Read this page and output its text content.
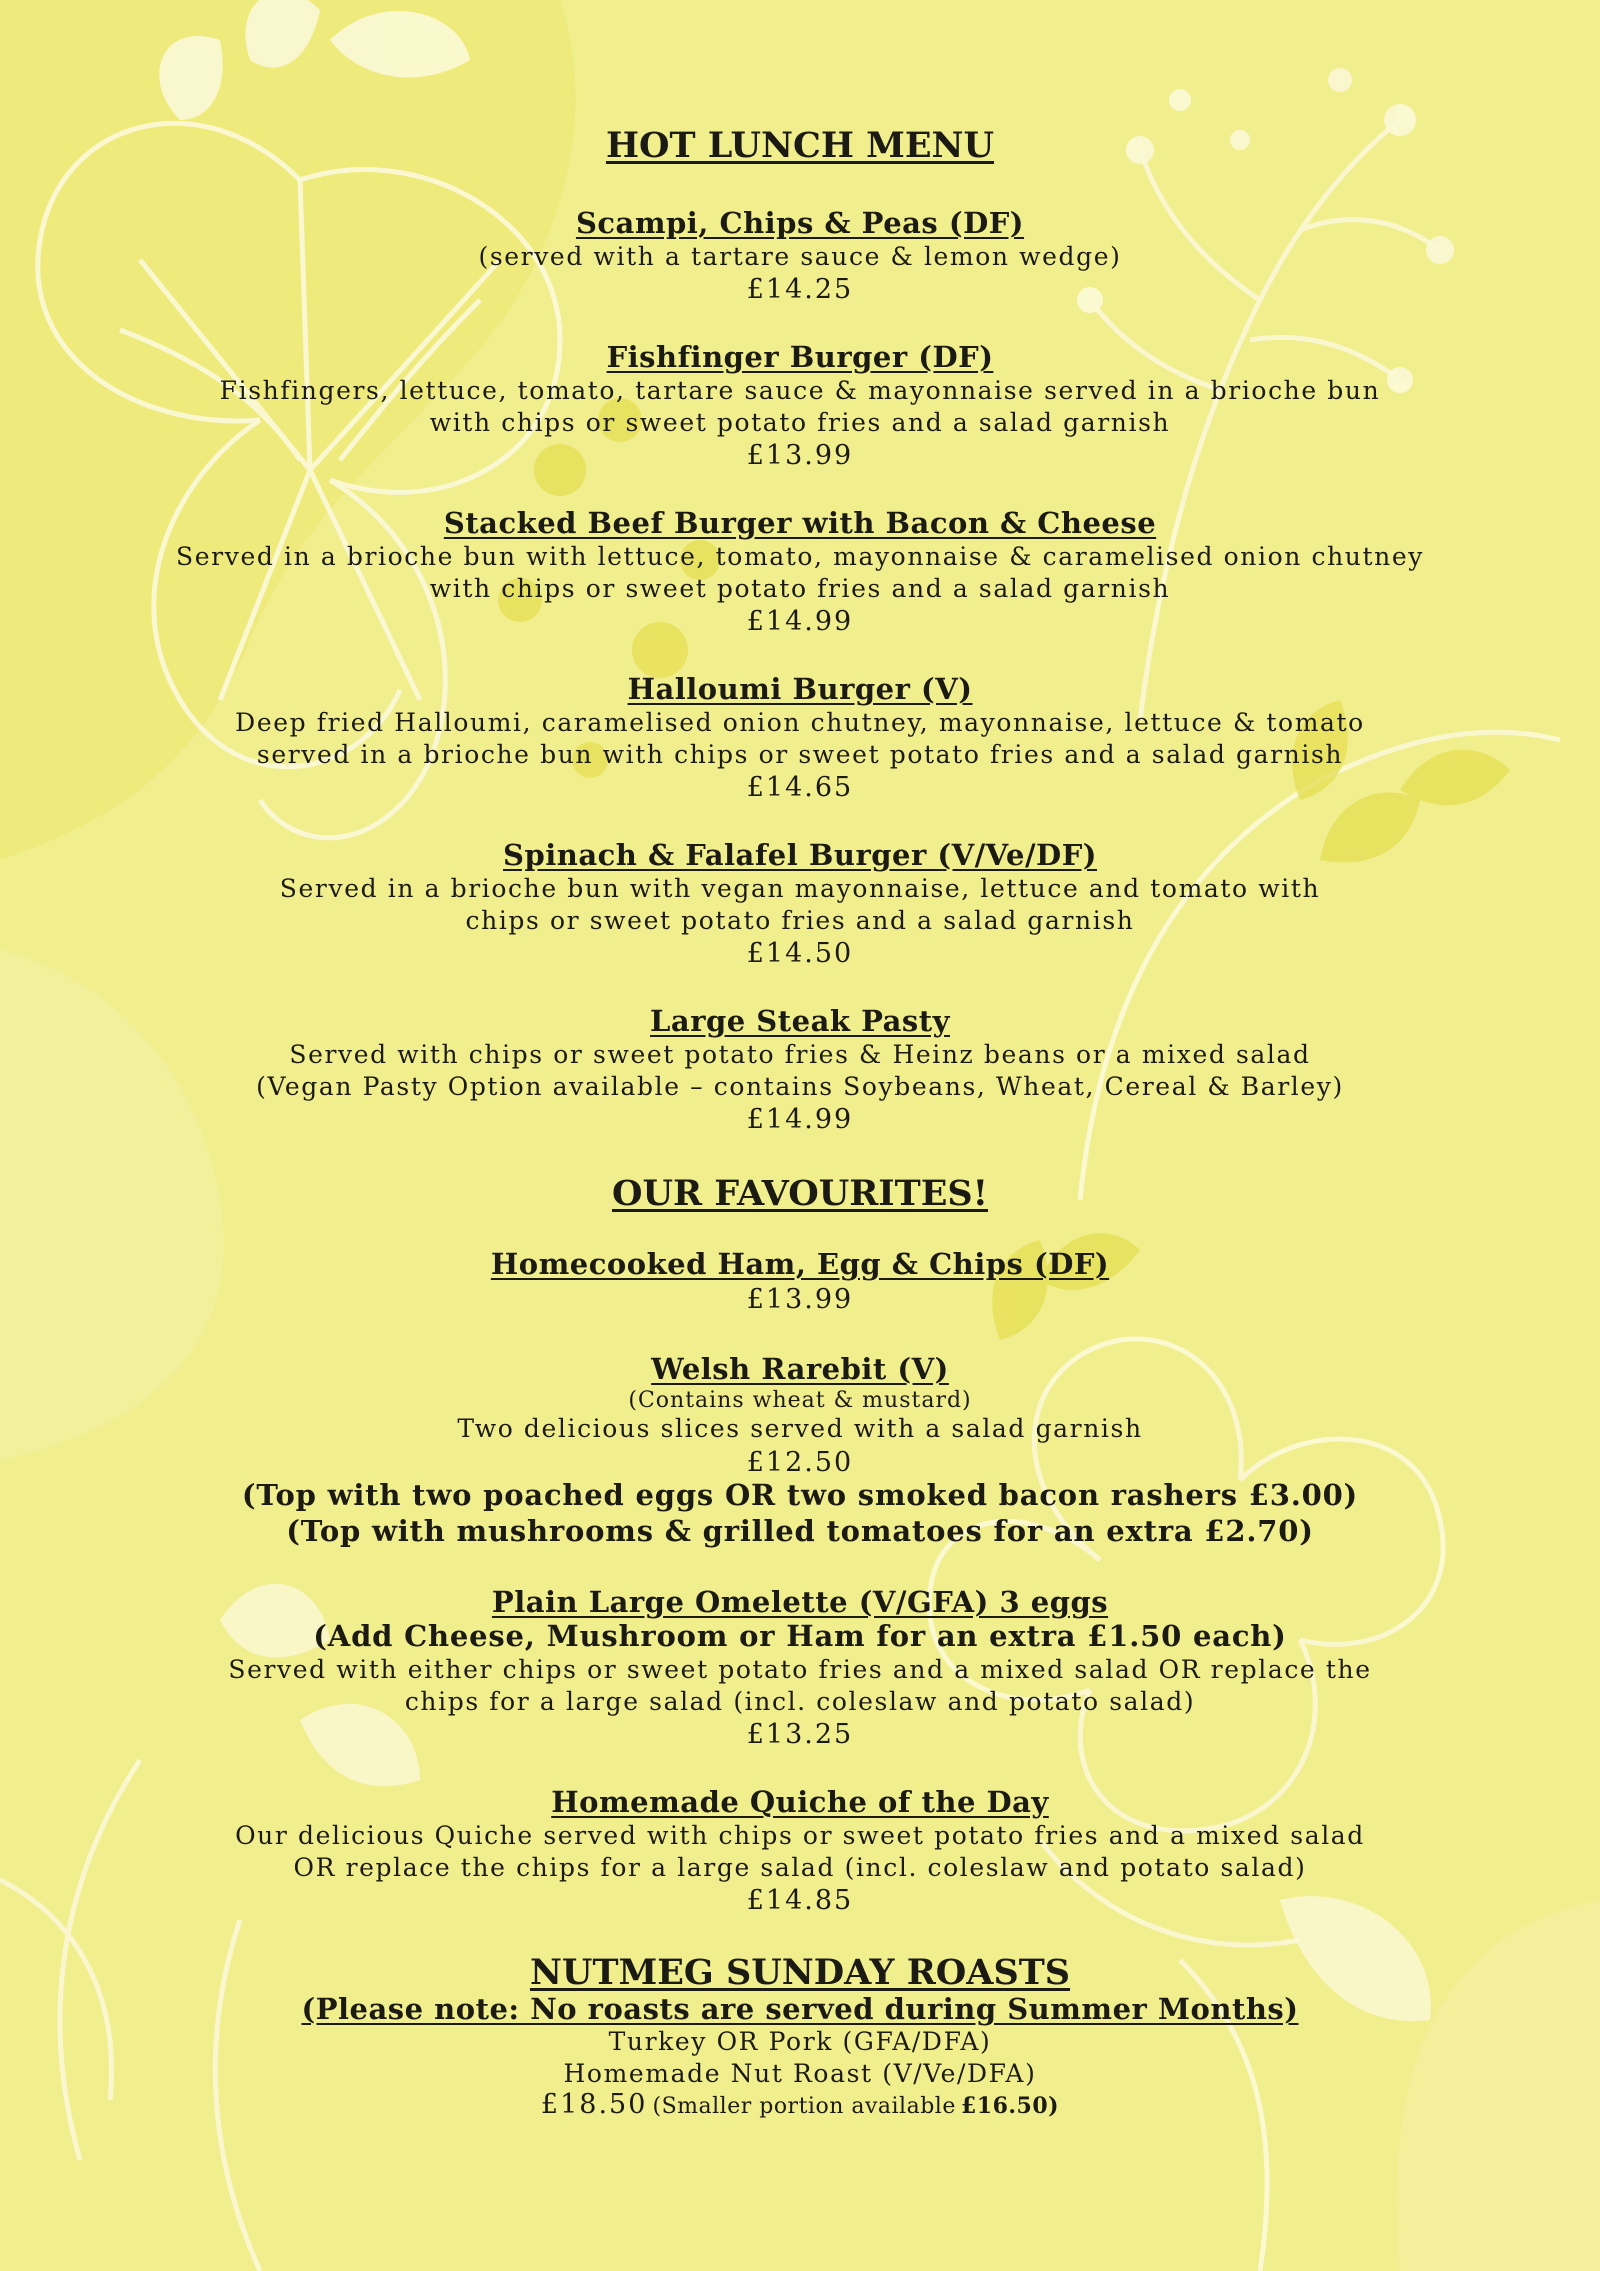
HOT LUNCH MENU
Scampi, Chips & Peas (DF)
(served with a tartare sauce & lemon wedge)
£14.25
Fishfinger Burger (DF)
Fishfingers, lettuce, tomato, tartare sauce & mayonnaise served in a brioche bun
with chips or sweet potato fries and a salad garnish
£13.99
Stacked Beef Burger with Bacon & Cheese
Served in a brioche bun with lettuce, tomato, mayonnaise & caramelised onion chutney
with chips or sweet potato fries and a salad garnish
£14.99
Halloumi Burger (V)
Deep fried Halloumi, caramelised onion chutney, mayonnaise, lettuce & tomato
served in a brioche bun with chips or sweet potato fries and a salad garnish
£14.65
Spinach & Falafel Burger (V/Ve/DF)
Served in a brioche bun with vegan mayonnaise, lettuce and tomato with
chips or sweet potato fries and a salad garnish
£14.50
Large Steak Pasty
Served with chips or sweet potato fries & Heinz beans or a mixed salad
(Vegan Pasty Option available – contains Soybeans, Wheat, Cereal & Barley)
£14.99
OUR FAVOURITES!
Homecooked Ham, Egg & Chips (DF)
£13.99
Welsh Rarebit (V)
(Contains wheat & mustard)
Two delicious slices served with a salad garnish
£12.50
(Top with two poached eggs OR two smoked bacon rashers £3.00)
(Top with mushrooms & grilled tomatoes for an extra £2.70)
Plain Large Omelette (V/GFA) 3 eggs
(Add Cheese, Mushroom or Ham for an extra £1.50 each)
Served with either chips or sweet potato fries and a mixed salad OR replace the
chips for a large salad (incl. coleslaw and potato salad)
£13.25
Homemade Quiche of the Day
Our delicious Quiche served with chips or sweet potato fries and a mixed salad
OR replace the chips for a large salad (incl. coleslaw and potato salad)
£14.85
NUTMEG SUNDAY ROASTS
(Please note: No roasts are served during Summer Months)
Turkey OR Pork (GFA/DFA)
Homemade Nut Roast (V/Ve/DFA)
£18.50 (Smaller portion available £16.50)
